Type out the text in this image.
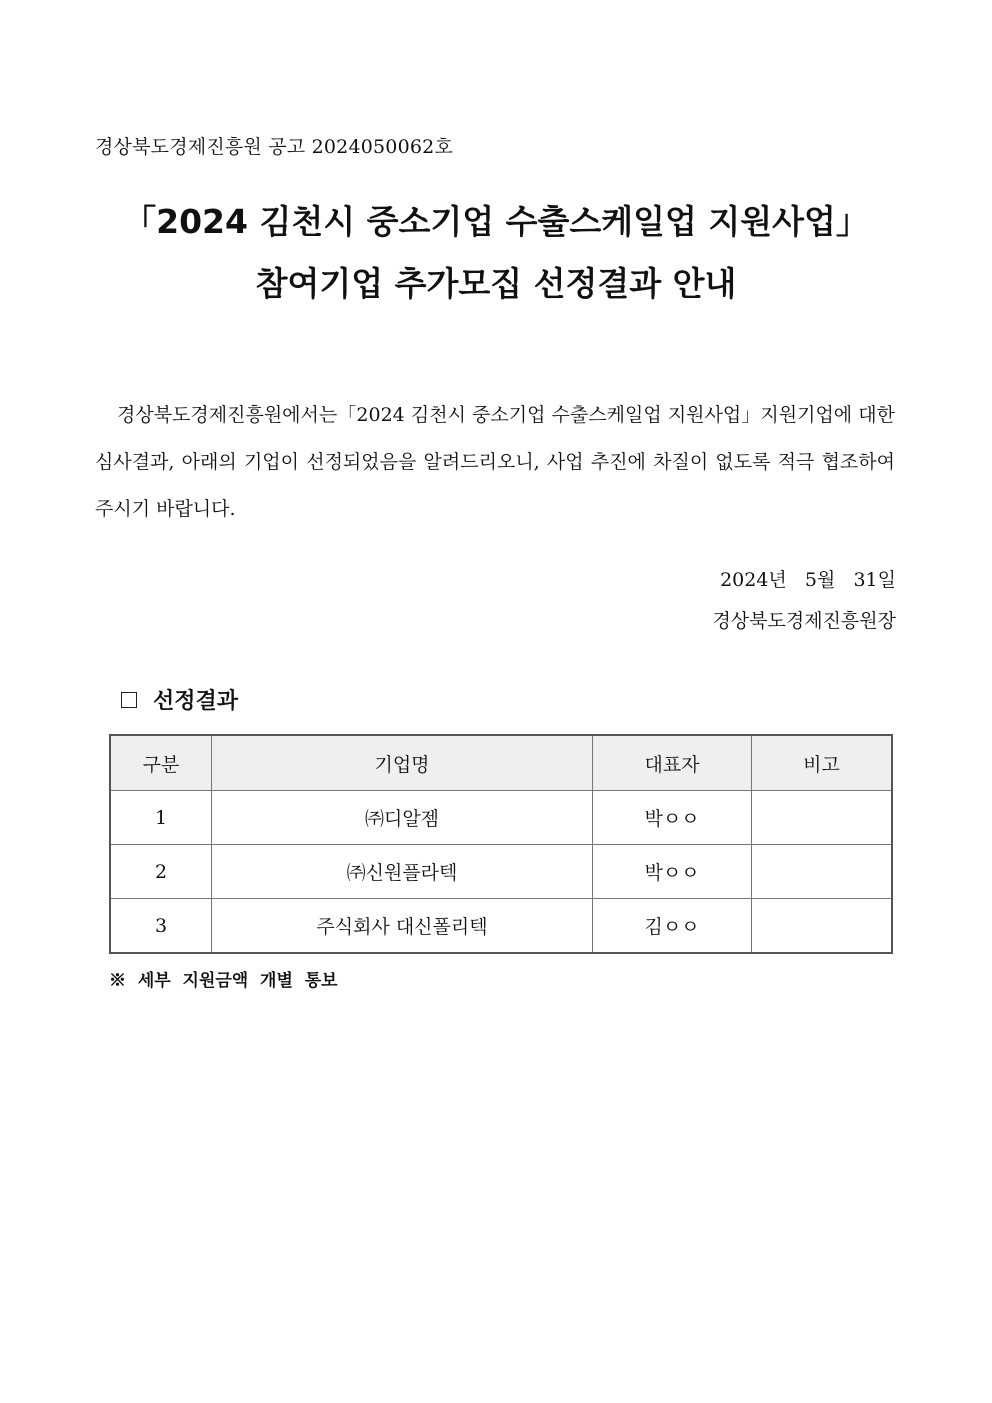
경상북도경제진흥원 공고 2024050062호
「2024 김천시 중소기업 수출스케일업 지원사업」
참여기업 추가모집 선정결과 안내
경상북도경제진흥원에서는「2024 김천시 중소기업 수출스케일업 지원사업」지원기업에 대한 심사결과, 아래의 기업이 선정되었음을 알려드리오니, 사업 추진에 차질이 없도록 적극 협조하여 주시기 바랍니다.
2024년   5월   31일
경상북도경제진흥원장
선정결과
구분	기업명	대표자	비고
1	㈜디알젬	박ㅇㅇ	
2	㈜신원플라텍	박ㅇㅇ	
3	주식회사 대신폴리텍	김ㅇㅇ	
※  세부  지원금액  개별  통보
